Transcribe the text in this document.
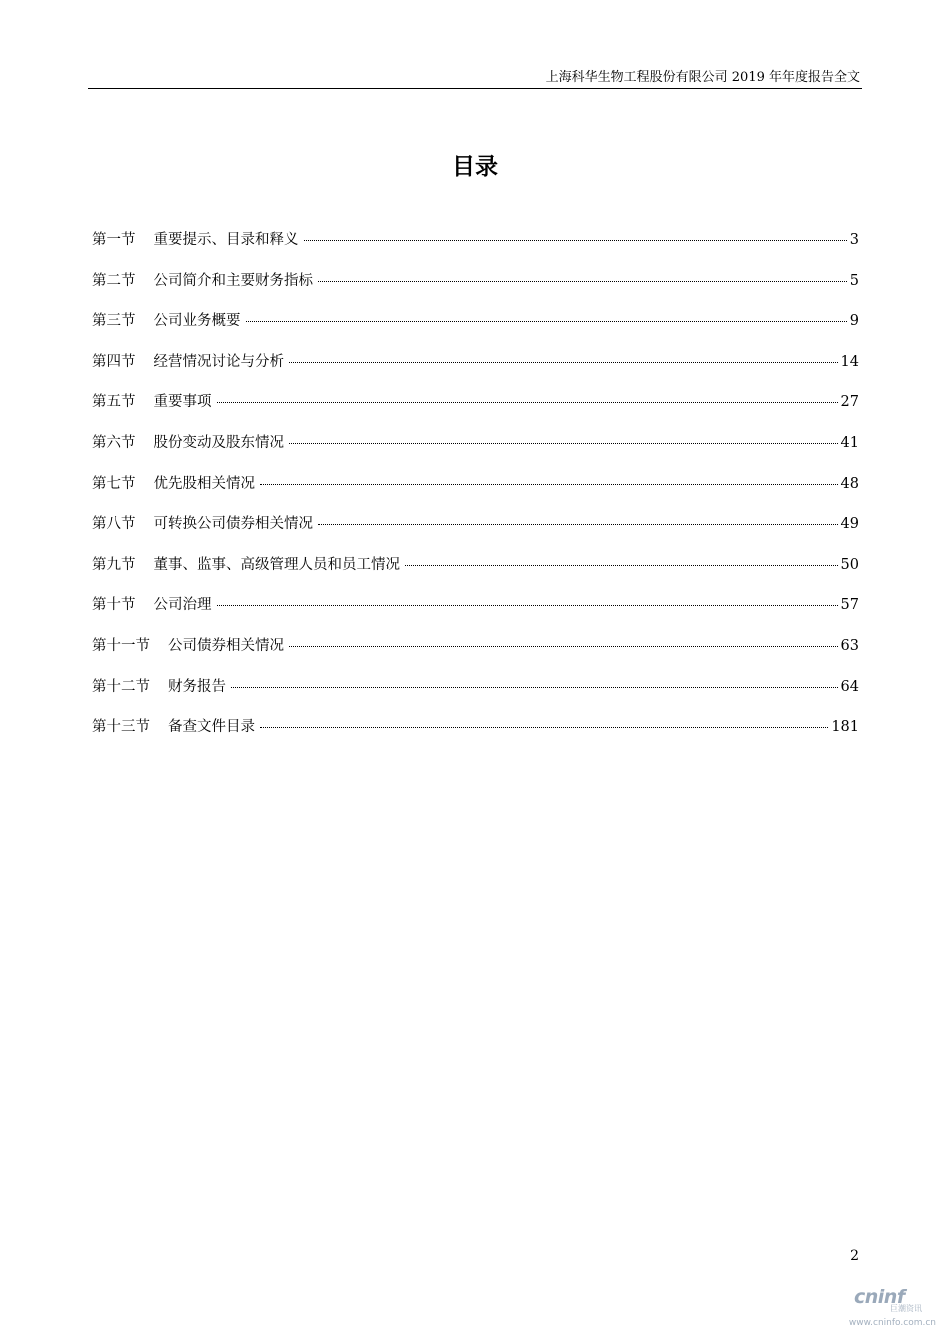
上海科华生物工程股份有限公司 2019 年年度报告全文
目录
第一节	重要提示、目录和释义	3
第二节	公司简介和主要财务指标	5
第三节	公司业务概要	9
第四节	经营情况讨论与分析	14
第五节	重要事项	27
第六节	股份变动及股东情况	41
第七节	优先股相关情况	48
第八节	可转换公司债券相关情况	49
第九节	董事、监事、高级管理人员和员工情况	50
第十节	公司治理	57
第十一节	公司债券相关情况	63
第十二节	财务报告	64
第十三节	备查文件目录	181
2
cninf
巨潮资讯
www.cninfo.com.cn
